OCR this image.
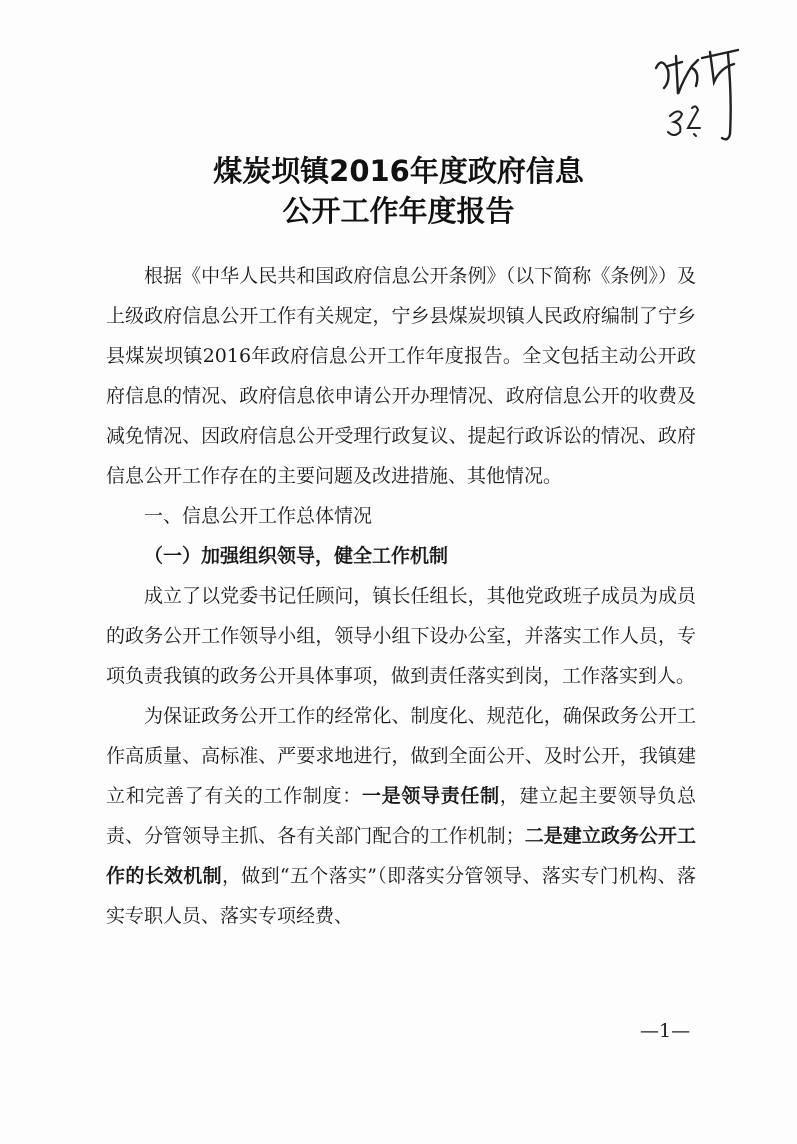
煤炭坝镇2016年度政府信息
公开工作年度报告

根据《中华人民共和国政府信息公开条例》（以下简称《条例》）及上级政府信息公开工作有关规定，宁乡县煤炭坝镇人民政府编制了宁乡县煤炭坝镇2016年政府信息公开工作年度报告。全文包括主动公开政府信息的情况、政府信息依申请公开办理情况、政府信息公开的收费及减免情况、因政府信息公开受理行政复议、提起行政诉讼的情况、政府信息公开工作存在的主要问题及改进措施、其他情况。

一、信息公开工作总体情况

（一）加强组织领导，健全工作机制

成立了以党委书记任顾问，镇长任组长，其他党政班子成员为成员的政务公开工作领导小组，领导小组下设办公室，并落实工作人员，专项负责我镇的政务公开具体事项，做到责任落实到岗，工作落实到人。

为保证政务公开工作的经常化、制度化、规范化，确保政务公开工作高质量、高标准、严要求地进行，做到全面公开、及时公开，我镇建立和完善了有关的工作制度：一是领导责任制，建立起主要领导负总责、分管领导主抓、各有关部门配合的工作机制；二是建立政务公开工作的长效机制，做到“五个落实”（即落实分管领导、落实专门机构、落实专职人员、落实专项经费、

—1—
